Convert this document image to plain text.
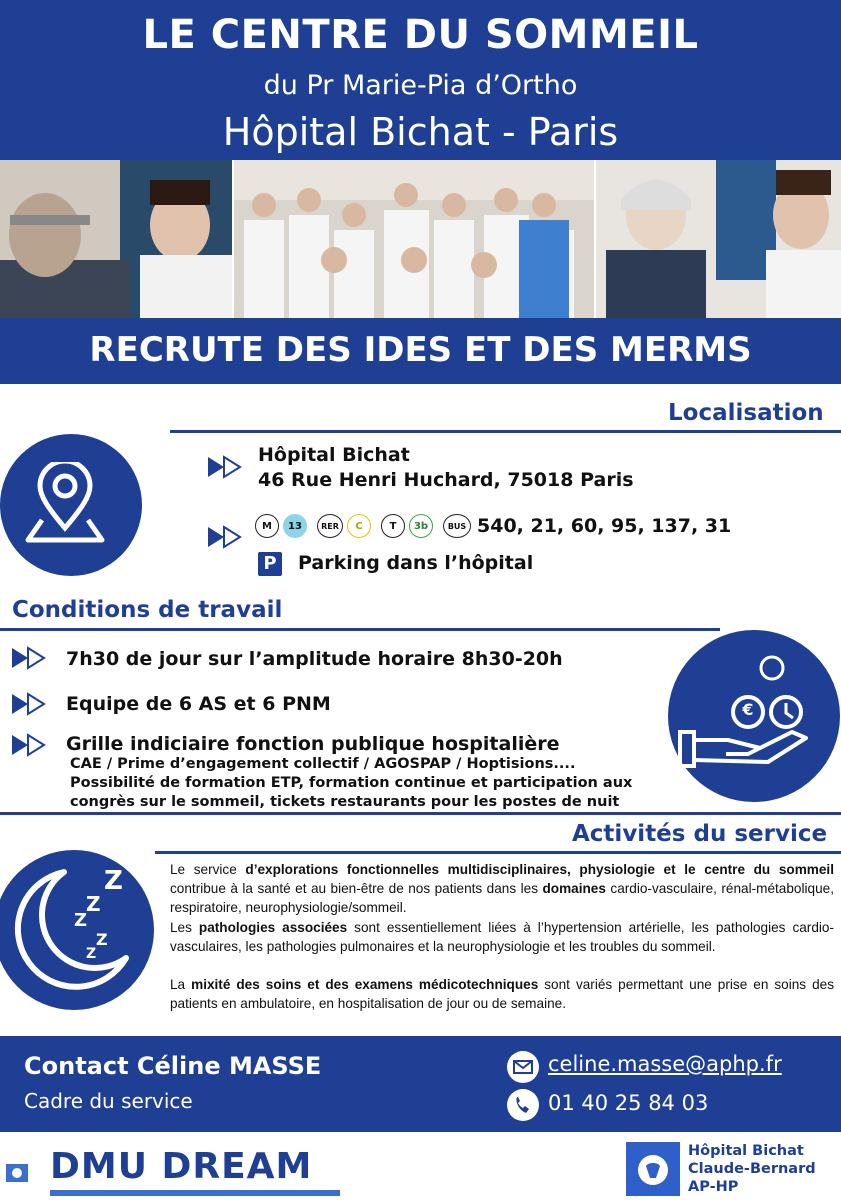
LE CENTRE DU SOMMEIL
du Pr Marie-Pia d’Ortho
Hôpital Bichat - Paris
RECRUTE DES IDES ET DES MERMS
Localisation
Hôpital Bichat
46 Rue Henri Huchard, 75018 Paris
M	13	RER	C	T	3b	BUS 540, 21, 60, 95, 137, 31
P Parking dans l’hôpital
Conditions de travail
7h30 de jour sur l’amplitude horaire 8h30-20h
Equipe de 6 AS et 6 PNM
Grille indiciaire fonction publique hospitalière
CAE / Prime d’engagement collectif / AGOSPAP / Hoptisions....
Possibilité de formation ETP, formation continue et participation aux
congrès sur le sommeil, tickets restaurants pour les postes de nuit
€
Activités du service
Z
Z
Z
Z
Z
Le service d’explorations fonctionnelles multidisciplinaires, physiologie et le centre du sommeil contribue à la santé et au bien-être de nos patients dans les domaines cardio-vasculaire, rénal-métabolique, respiratoire, neurophysiologie/sommeil.
Les pathologies associées sont essentiellement liées à l’hypertension artérielle, les pathologies cardio-vasculaires, les pathologies pulmonaires et la neurophysiologie et les troubles du sommeil.
La mixité des soins et des examens médicotechniques sont variés permettant une prise en soins des patients en ambulatoire, en hospitalisation de jour ou de semaine.
Contact Céline MASSE
Cadre du service
celine.masse@aphp.fr
01 40 25 84 03
DMU DREAM	Hôpital Bichat
Claude-Bernard
AP-HP
